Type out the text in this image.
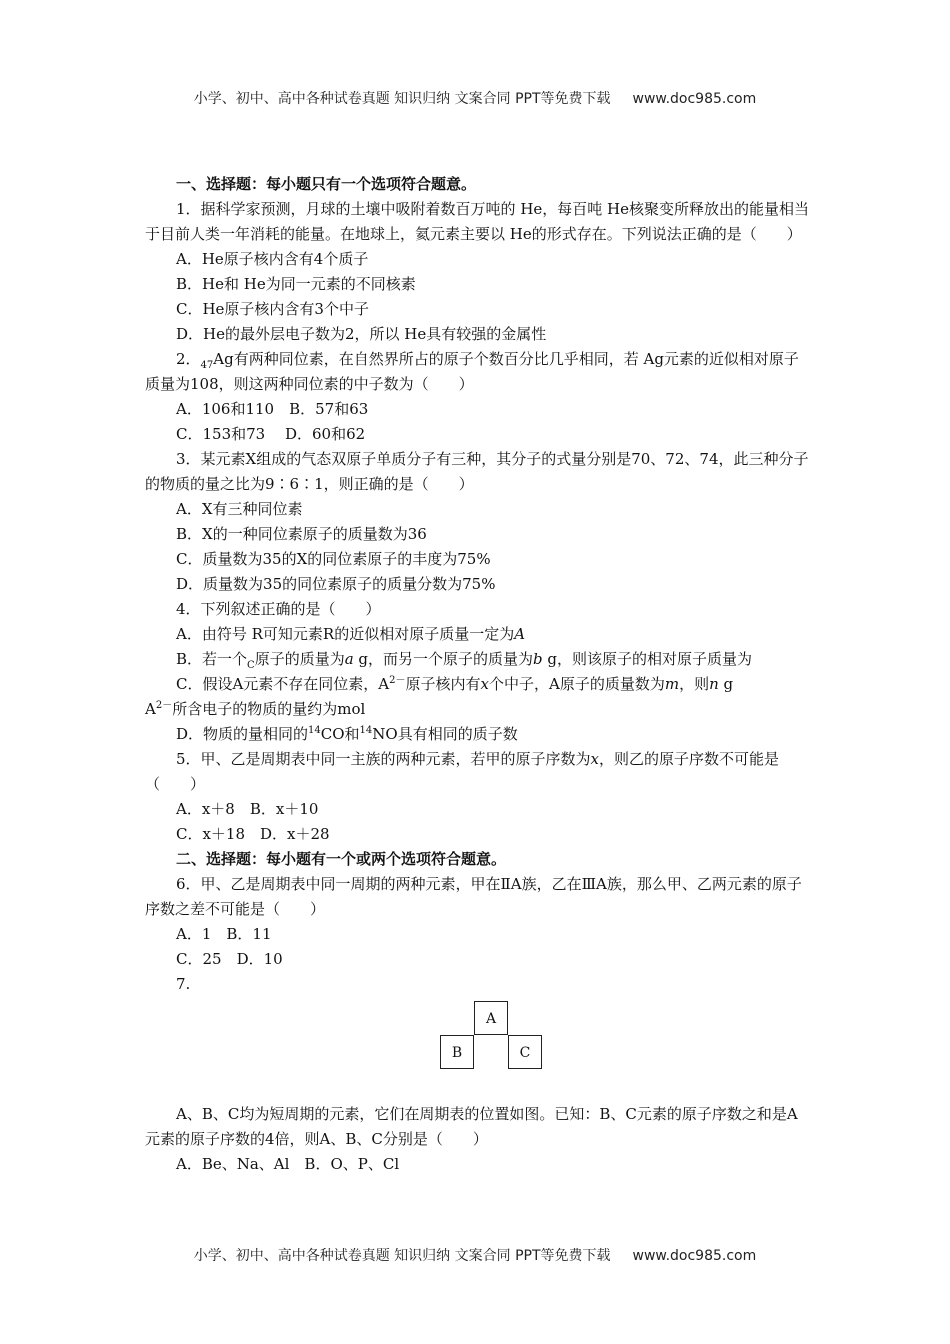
小学、初中、高中各种试卷真题 知识归纳 文案合同 PPT等免费下载 www.doc985.com

一、选择题：每小题只有一个选项符合题意。

1．据科学家预测，月球的土壤中吸附着数百万吨的 He，每百吨 He核聚变所释放出的能量相当于目前人类一年消耗的能量。在地球上，氦元素主要以 He的形式存在。下列说法正确的是（　　）

A．He原子核内含有4个质子

B．He和 He为同一元素的不同核素

C．He原子核内含有3个中子

D．He的最外层电子数为2，所以 He具有较强的金属性

2．$_{47}$Ag有两种同位素，在自然界所占的原子个数百分比几乎相同，若 Ag元素的近似相对原子质量为108，则这两种同位素的中子数为（　　）

A．106和110　B．57和63

C．153和73　 D．60和62

3．某元素X组成的气态双原子单质分子有三种，其分子的式量分别是70、72、74，此三种分子的物质的量之比为9∶6∶1，则正确的是（　　）

A．X有三种同位素

B．X的一种同位素原子的质量数为36

C．质量数为35的X的同位素原子的丰度为75%

D．质量数为35的同位素原子的质量分数为75%

4．下列叙述正确的是（　　）

A．由符号 R可知元素R的近似相对原子质量一定为A

B．若一个$_C$原子的质量为a g，而另一个原子的质量为b g，则该原子的相对原子质量为

C．假设A元素不存在同位素，$A^{2-}$原子核内有x个中子，A原子的质量数为m，则n g
$A^{2-}$所含电子的物质的量约为mol

D．物质的量相同的$^{14}$CO和$^{14}$NO具有相同的质子数

5．甲、乙是周期表中同一主族的两种元素，若甲的原子序数为x，则乙的原子序数不可能是（　　）

A．x＋8　B．x＋10

C．x＋18　D．x＋28

二、选择题：每小题有一个或两个选项符合题意。

6．甲、乙是周期表中同一周期的两种元素，甲在ⅡA族，乙在ⅢA族，那么甲、乙两元素的原子序数之差不可能是（　　）

A．1　B．11

C．25　D．10

7.

A
B	C

A、B、C均为短周期的元素，它们在周期表的位置如图。已知：B、C元素的原子序数之和是A元素的原子序数的4倍，则A、B、C分别是（　　）

A．Be、Na、Al　B．O、P、Cl

小学、初中、高中各种试卷真题 知识归纳 文案合同 PPT等免费下载 www.doc985.com
